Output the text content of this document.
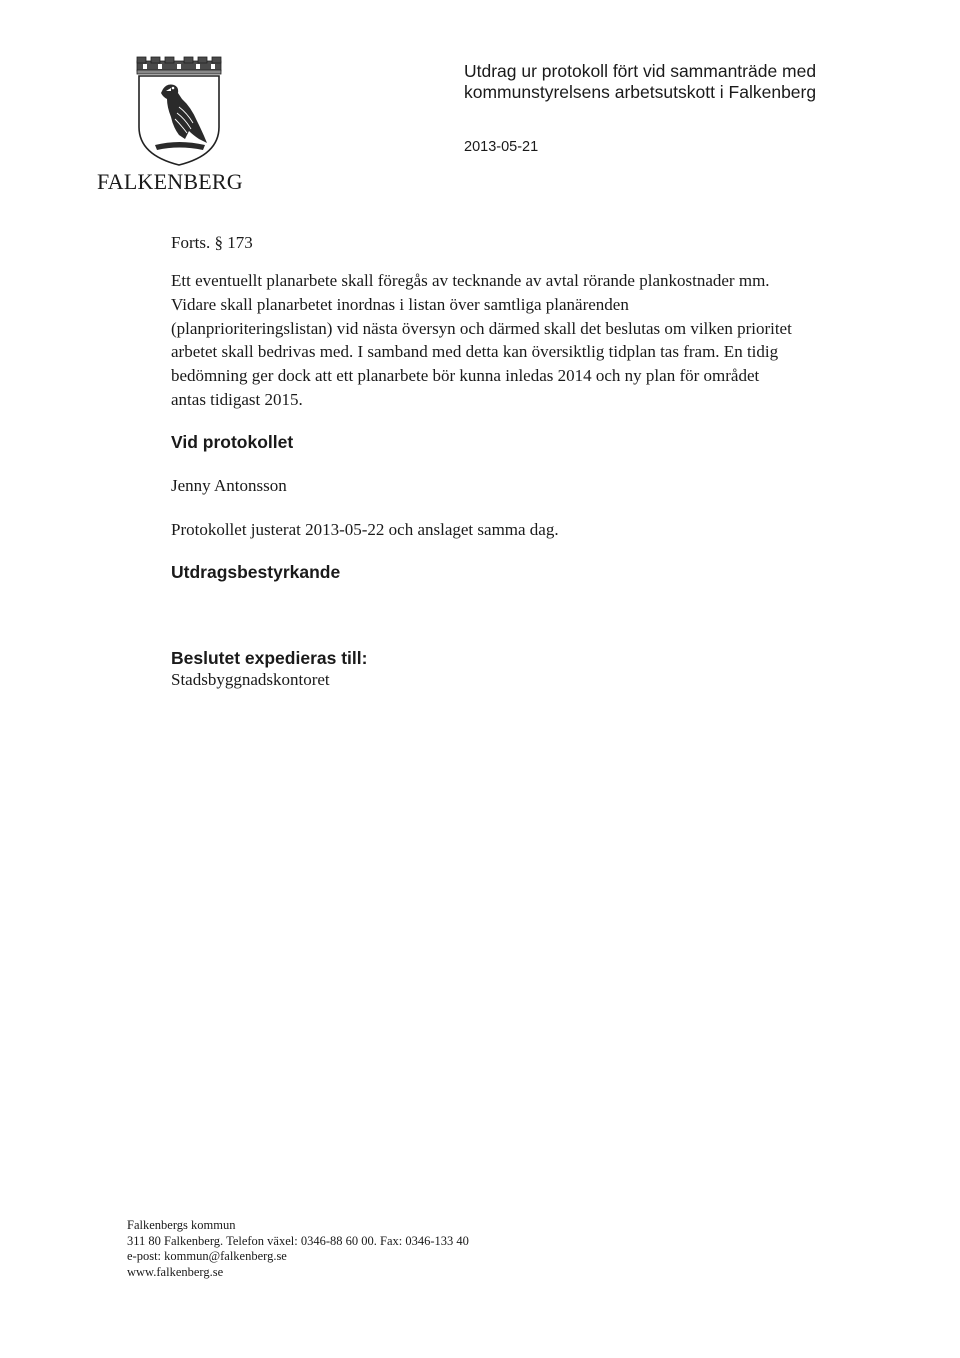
FALKENBERG
Utdrag ur protokoll fört vid sammanträde med
kommunstyrelsens arbetsutskott i Falkenberg
2013-05-21
Forts. § 173
Ett eventuellt planarbete skall föregås av tecknande av avtal rörande plankostnader mm.
Vidare skall planarbetet inordnas i listan över samtliga planärenden
(planprioriteringslistan) vid nästa översyn och därmed skall det beslutas om vilken prioritet
arbetet skall bedrivas med. I samband med detta kan översiktlig tidplan tas fram. En tidig
bedömning ger dock att ett planarbete bör kunna inledas 2014 och ny plan för området
antas tidigast 2015.
Vid protokollet
Jenny Antonsson
Protokollet justerat 2013-05-22 och anslaget samma dag.
Utdragsbestyrkande
Beslutet expedieras till:
Stadsbyggnadskontoret
Falkenbergs kommun
311 80 Falkenberg. Telefon växel: 0346-88 60 00. Fax: 0346-133 40
e-post: kommun@falkenberg.se
www.falkenberg.se
